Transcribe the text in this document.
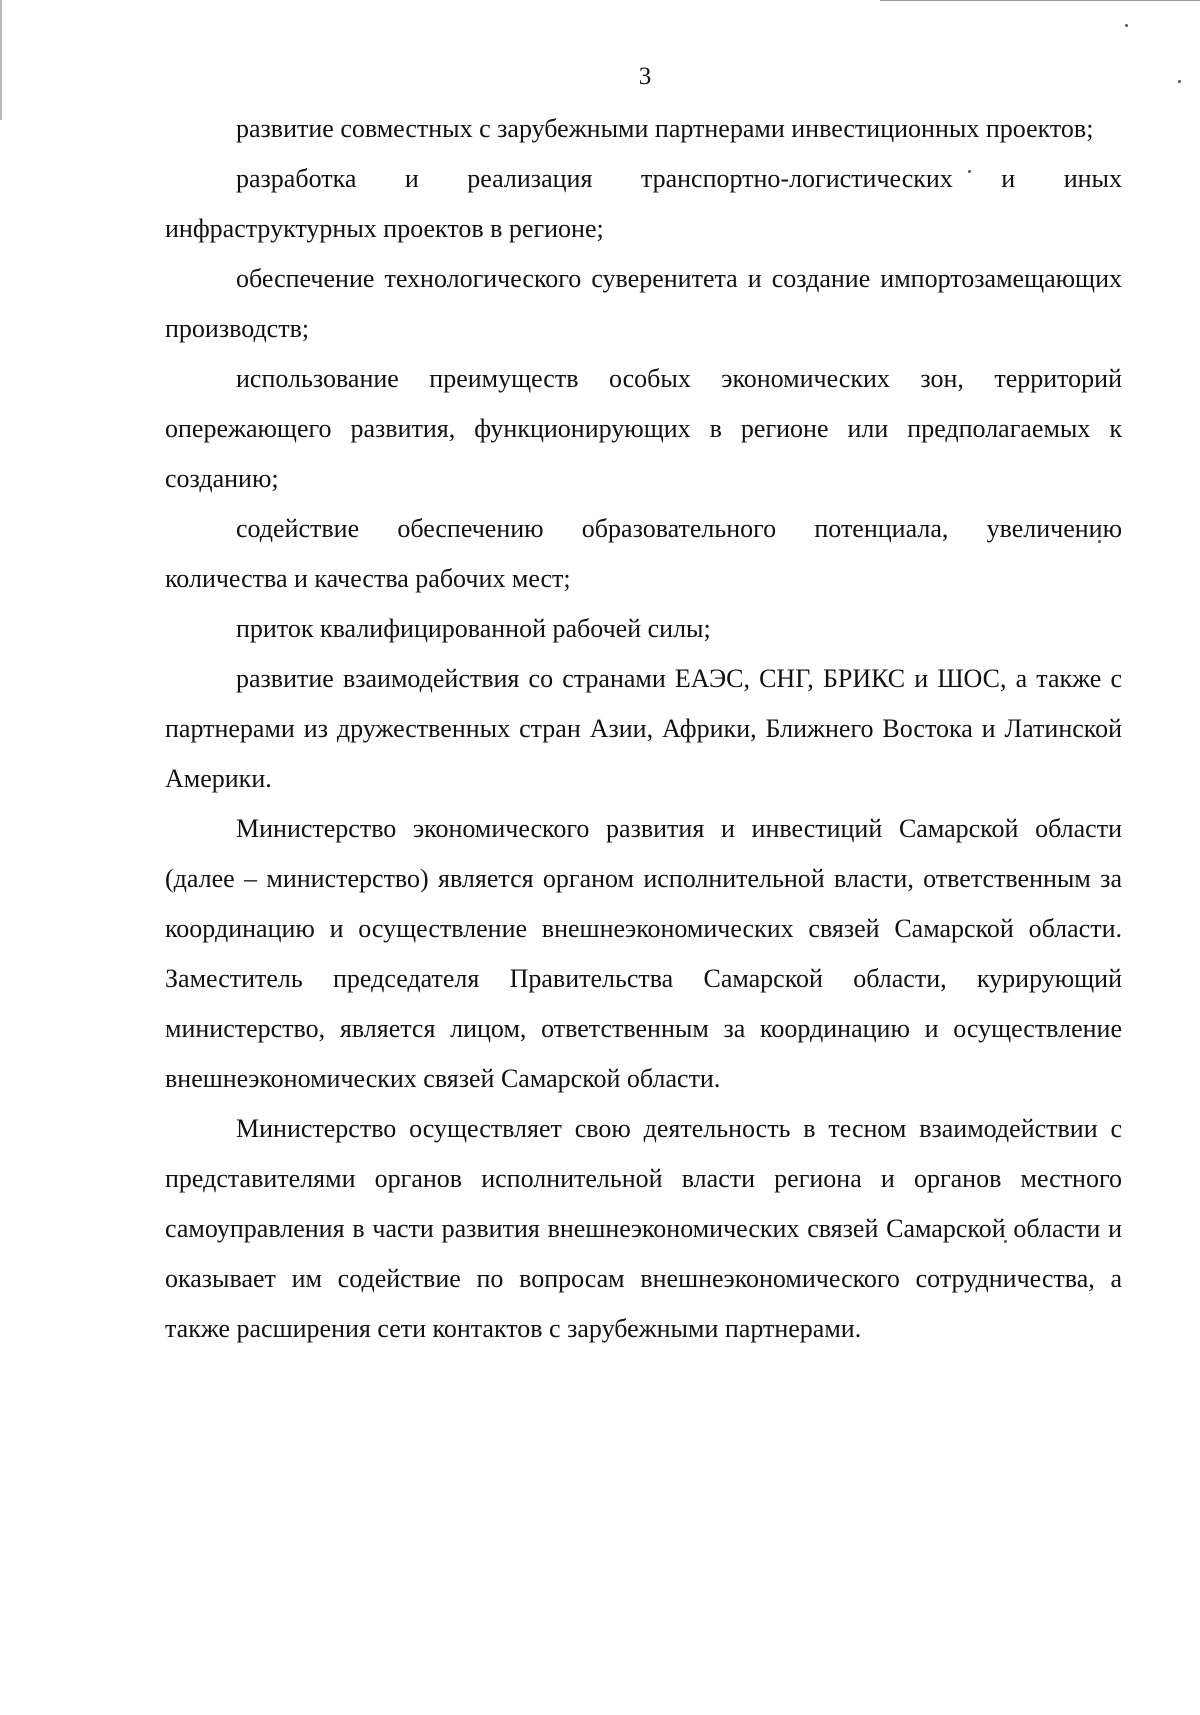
3

развитие совместных с зарубежными партнерами инвестиционных проектов;

разработка и реализация транспортно-логистических и иных инфраструктурных проектов в регионе;

обеспечение технологического суверенитета и создание импортозамещающих производств;

использование преимуществ особых экономических зон, территорий опережающего развития, функционирующих в регионе или предполагаемых к созданию;

содействие обеспечению образовательного потенциала, увеличению количества и качества рабочих мест;

приток квалифицированной рабочей силы;

развитие взаимодействия со странами ЕАЭС, СНГ, БРИКС и ШОС, а также с партнерами из дружественных стран Азии, Африки, Ближнего Востока и Латинской Америки.

Министерство экономического развития и инвестиций Самарской области (далее – министерство) является органом исполнительной власти, ответственным за координацию и осуществление внешнеэкономических связей Самарской области. Заместитель председателя Правительства Самарской области, курирующий министерство, является лицом, ответственным за координацию и осуществление внешнеэкономических связей Самарской области.

Министерство осуществляет свою деятельность в тесном взаимодействии с представителями органов исполнительной власти региона и органов местного самоуправления в части развития внешнеэкономических связей Самарской области и оказывает им содействие по вопросам внешнеэкономического сотрудничества, а также расширения сети контактов с зарубежными партнерами.
